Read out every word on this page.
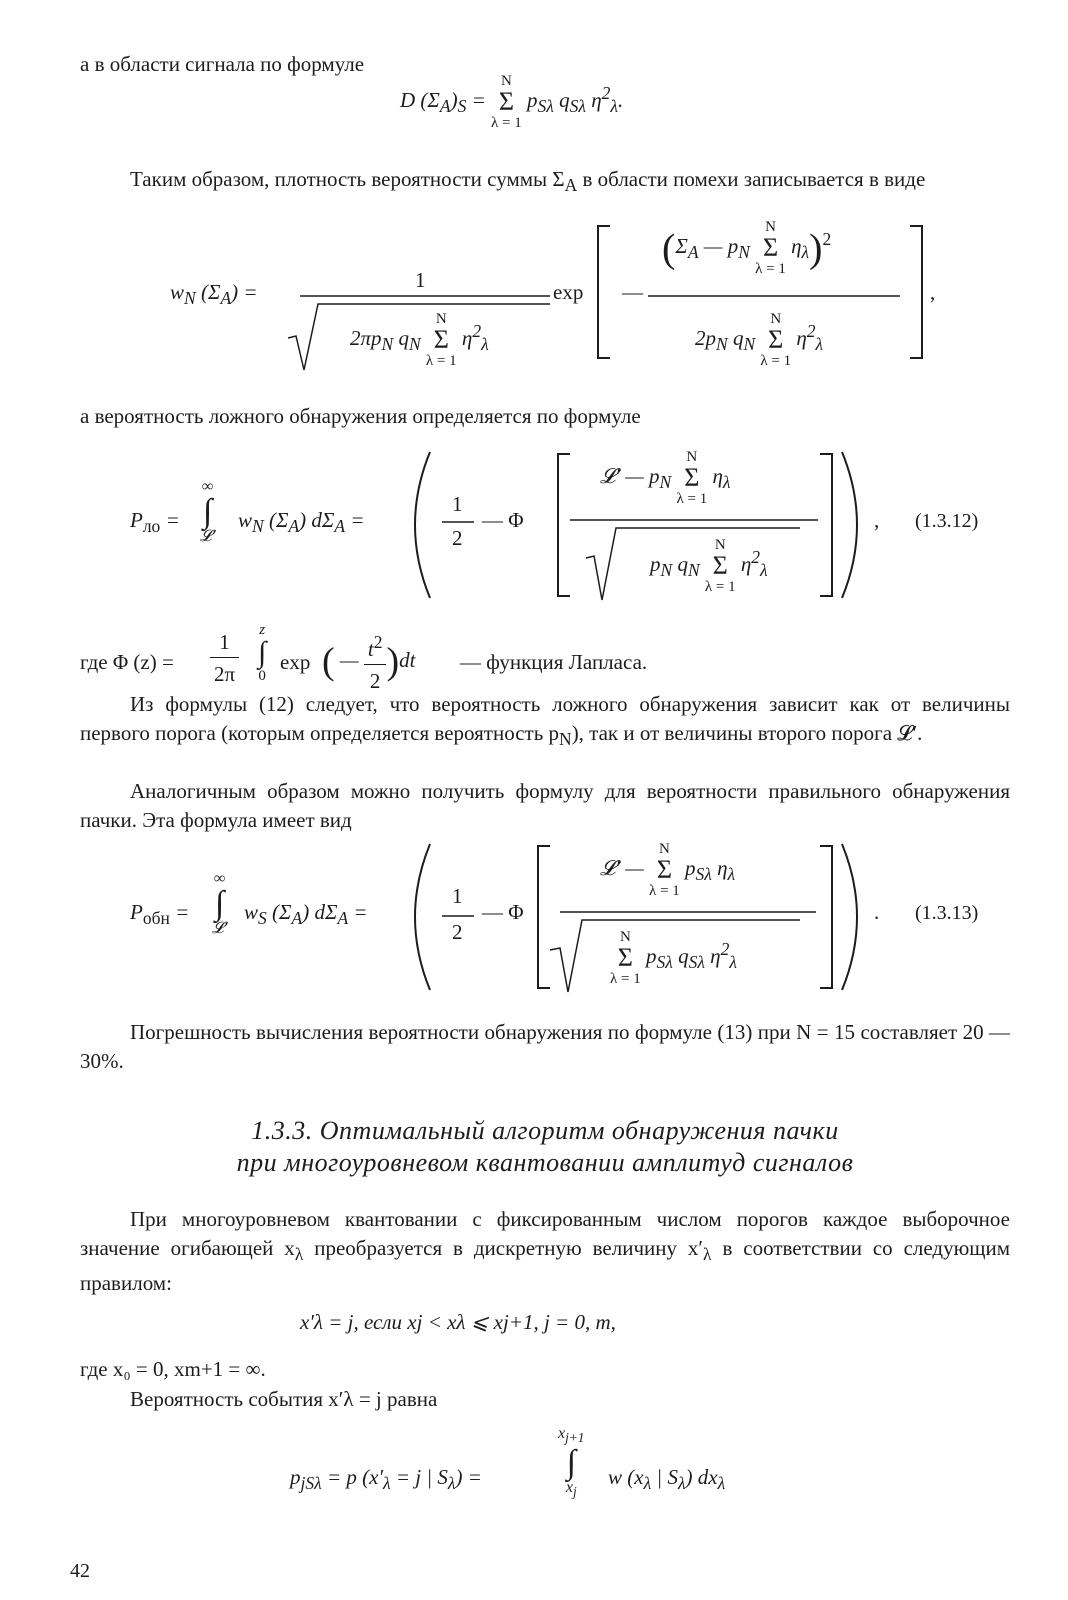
а в области сигнала по формуле
D $(\Sigma_A)_S$ =
N
Σ
λ = 1
$p_{S\lambda}$ $q_{S\lambda}$ $\eta^2_\lambda$.
Таким образом, плотность вероятности суммы $\Sigma_A$ в области помехи записывается в виде
$w_N$ $(\Sigma_A)$ =	1
$2\pi p_N$ $q_N$
N
Σ
λ = 1
$\eta^2_\lambda$
exp —
($\Sigma_A$ — $p_N$
N
Σ
λ = 1
$\eta_\lambda)^2$
$2p_N$ $q_N$
N
Σ
λ = 1
$\eta^2_\lambda$
,
а вероятность ложного обнаружения определяется по формуле
$P_{ло}$ =
∞
∫
𝓛′
$w_N$ $(\Sigma_A) d\Sigma_A$ =
1
2
— Φ
𝓛′ — $p_N$
N
Σ
λ = 1
$\eta_\lambda$
$p_N$ $q_N$
N
Σ
λ = 1
$\eta^2_\lambda$
, (1.3.12)
где Φ $(z) = \frac{1}{2\pi}$ z
∫
0
exp ( — $\frac{t^2}{2} )dt$ — функция Лапласа.
Из формулы (12) следует, что вероятность ложного обнаружения зависит как от величины первого порога (которым определяется вероятность $p_N$), так и от величины второго порога 𝓛′.
Аналогичным образом можно получить формулу для вероятности правильного обнаружения пачки. Эта формула имеет вид
$P_{обн}$ =
∞
∫
𝓛′
$w_S$ $(\Sigma_A) d\Sigma_A$ =
1
2
— Φ
𝓛′ —
N
Σ
λ = 1
$p_{S\lambda}$ $\eta_\lambda$
N
Σ
λ = 1
$p_{S\lambda}$ $q_{S\lambda}$ $\eta^2_\lambda$
. (1.3.13)
Погрешность вычисления вероятности обнаружения по формуле (13) при N = 15 составляет 20 — 30%.
1.3.3. Оптимальный алгоритм обнаружения пачки
при многоуровневом квантовании амплитуд сигналов
При многоуровневом квантовании с фиксированным числом порогов каждое выборочное значение огибающей $x_\lambda$ преобразуется в дискретную величину $x'_\lambda$ в соответствии со следующим правилом:
x′λ = j, если xj < xλ ⩽ xj+1, j = 0, m,
где x₀ = 0, xm+1 = ∞.
Вероятность события x′λ = j равна
$p_{jS\lambda} = p$ ($x'_\lambda = j$ | $S_\lambda$) =
$x_{j+1}$
∫
$x_j$
w ($x_\lambda$ | $S_\lambda$) $dx_\lambda$
42
